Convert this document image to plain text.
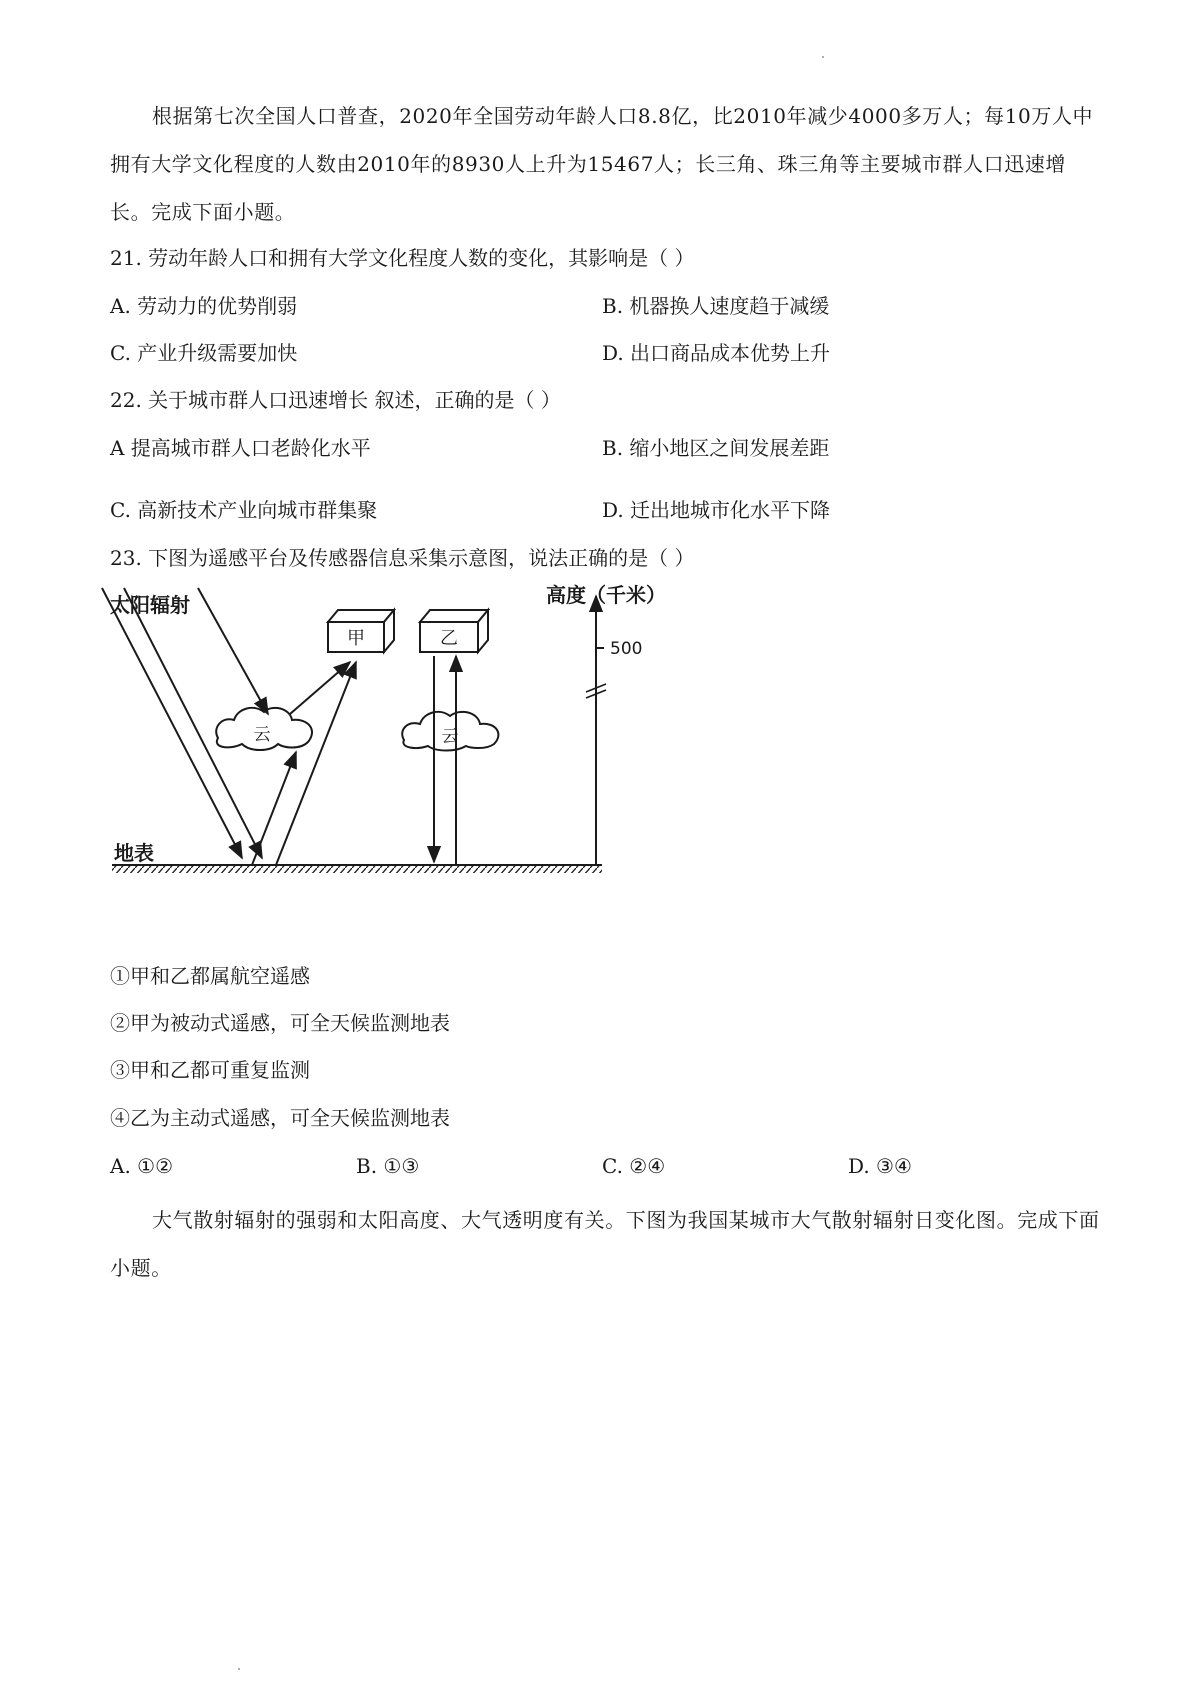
根据第七次全国人口普查，2020年全国劳动年龄人口8.8亿，比2010年减少4000多万人；每10万人中拥有大学文化程度的人数由2010年的8930人上升为15467人；长三角、珠三角等主要城市群人口迅速增长。完成下面小题。

21. 劳动年龄人口和拥有大学文化程度人数的变化，其影响是（ ）
A. 劳动力的优势削弱	B. 机器换人速度趋于减缓
C. 产业升级需要加快	D. 出口商品成本优势上升
22. 关于城市群人口迅速增长 叙述，正确的是（ ）
A 提高城市群人口老龄化水平	B. 缩小地区之间发展差距
C. 高新技术产业向城市群集聚	D. 迁出地城市化水平下降
23. 下图为遥感平台及传感器信息采集示意图，说法正确的是（ ）
太阳辐射	高度（千米）
地表
500
甲	乙
云	云
①甲和乙都属航空遥感
②甲为被动式遥感，可全天候监测地表
③甲和乙都可重复监测
④乙为主动式遥感，可全天候监测地表
A. ①②	B. ①③	C. ②④	D. ③④

大气散射辐射的强弱和太阳高度、大气透明度有关。下图为我国某城市大气散射辐射日变化图。完成下面小题。
